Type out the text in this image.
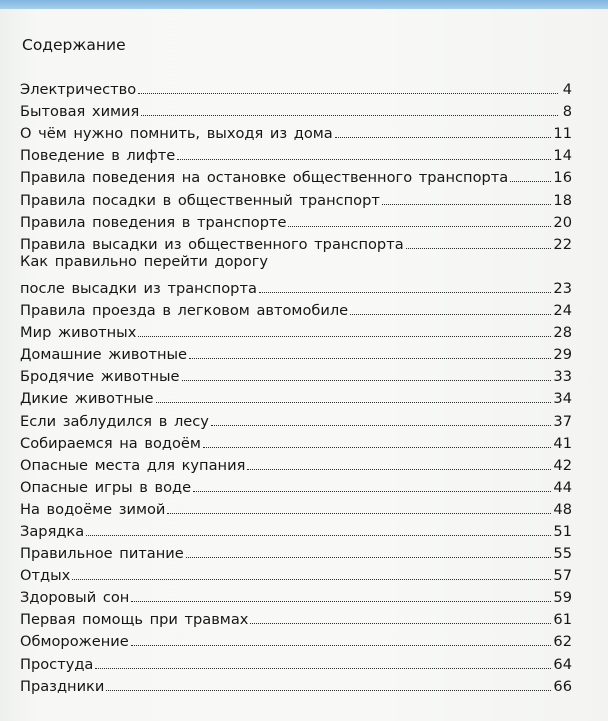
Содержание
Электричество	4
Бытовая химия	8
О чём нужно помнить, выходя из дома	11
Поведение в лифте	14
Правила поведения на остановке общественного транспорта	16
Правила посадки в общественный транспорт	18
Правила поведения в транспорте	20
Правила высадки из общественного транспорта	22
Как правильно перейти дорогу
после высадки из транспорта	23
Правила проезда в легковом автомобиле	24
Мир животных	28
Домашние животные	29
Бродячие животные	33
Дикие животные	34
Если заблудился в лесу	37
Собираемся на водоём	41
Опасные места для купания	42
Опасные игры в воде	44
На водоёме зимой	48
Зарядка	51
Правильное питание	55
Отдых	57
Здоровый сон	59
Первая помощь при травмах	61
Обморожение	62
Простуда	64
Праздники	66
